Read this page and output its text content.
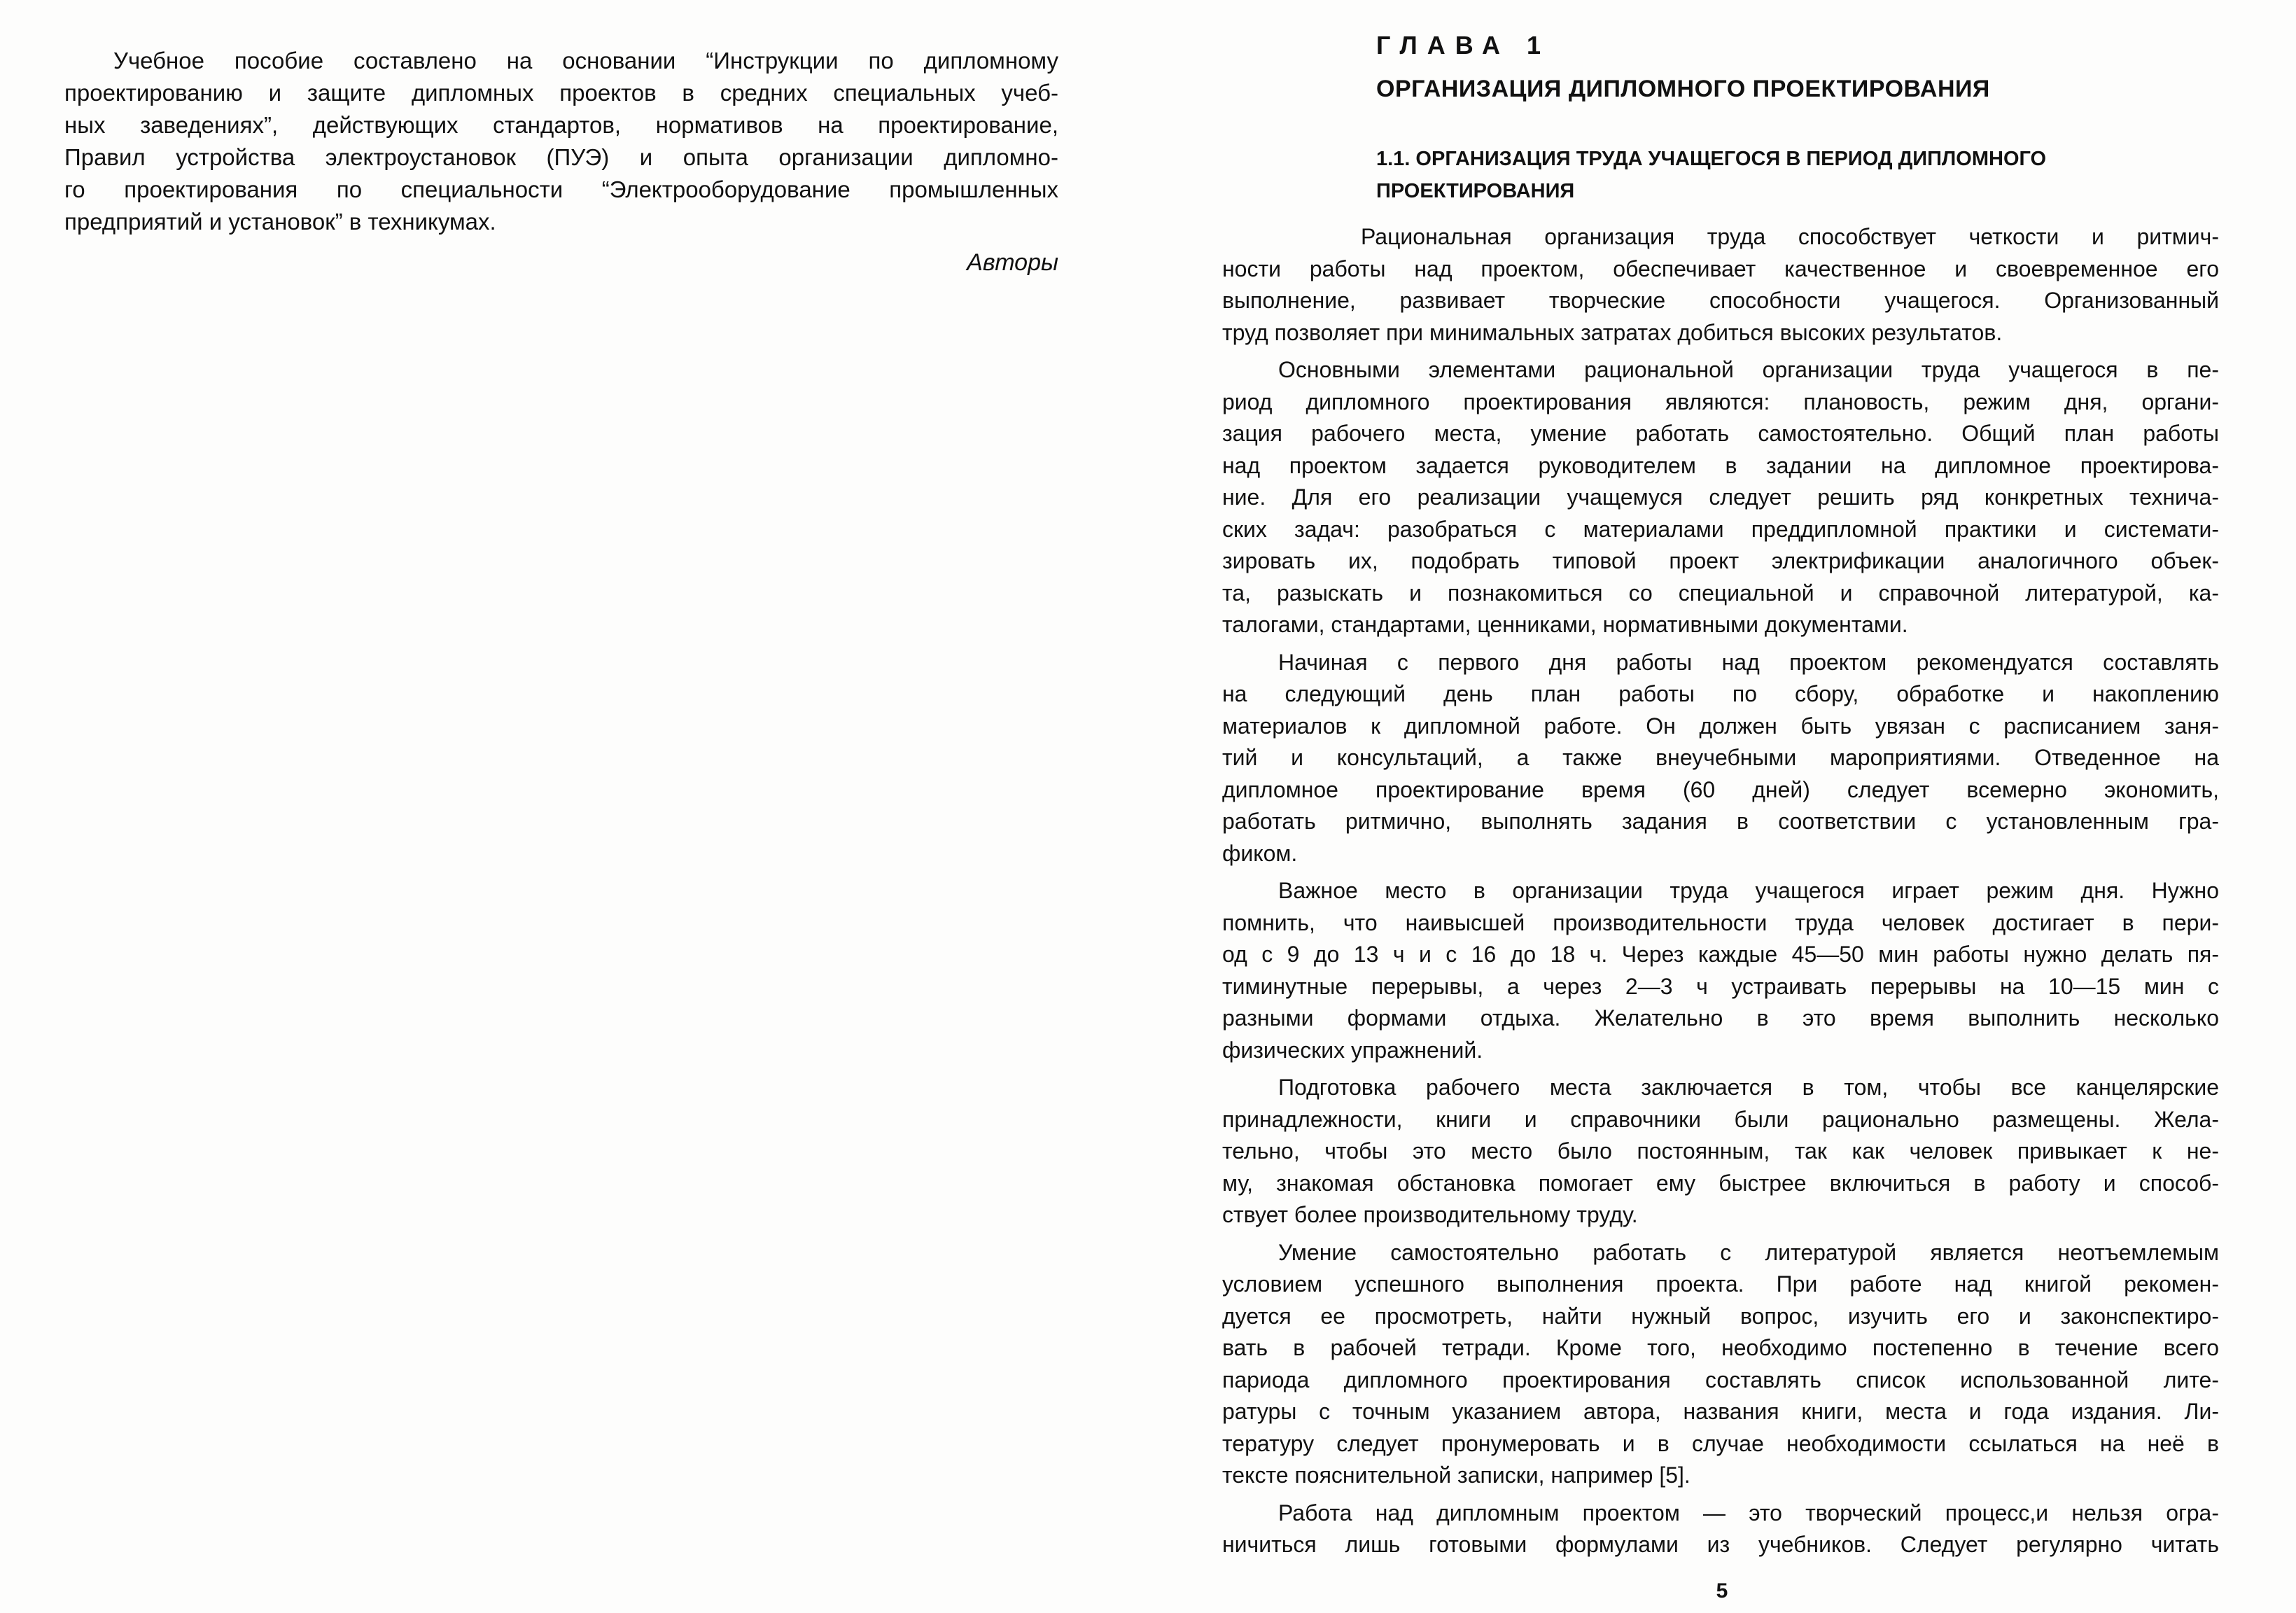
Учебное пособие составлено на основании “Инструкции по дипломному
проектированию и защите дипломных проектов в средних специальных учеб-
ных заведениях”, действующих стандартов, нормативов на проектирование,
Правил устройства электроустановок (ПУЭ) и опыта организации дипломно-
го проектирования по специальности “Электрооборудование промышленных
предприятий и установок” в техникумах.
Авторы
ГЛАВА 1
ОРГАНИЗАЦИЯ ДИПЛОМНОГО ПРОЕКТИРОВАНИЯ
1.1. ОРГАНИЗАЦИЯ ТРУДА УЧАЩЕГОСЯ В ПЕРИОД ДИПЛОМНОГО ПРОЕКТИРОВАНИЯ
Рациональная организация труда способствует четкости и ритмич-
ности работы над проектом, обеспечивает качественное и своевременное его
выполнение, развивает творческие способности учащегося. Организованный
труд позволяет при минимальных затратах добиться высоких результатов.
Основными элементами рациональной организации труда учащегося в пе-
риод дипломного проектирования являются: плановость, режим дня, органи-
зация рабочего места, умение работать самостоятельно. Общий план работы
над проектом задается руководителем в задании на дипломное проектирова-
ние. Для его реализации учащемуся следует решить ряд конкретных технича-
ских задач: разобраться с материалами преддипломной практики и системати-
зировать их, подобрать типовой проект электрификации аналогичного объек-
та, разыскать и познакомиться со специальной и справочной литературой, ка-
талогами, стандартами, ценниками, нормативными документами.
Начиная с первого дня работы над проектом рекомендуатся составлять
на следующий день план работы по сбору, обработке и накоплению
материалов к дипломной работе. Он должен быть увязан с расписанием заня-
тий и консультаций, а также внеучебными мароприятиями. Отведенное на
дипломное проектирование время (60 дней) следует всемерно экономить,
работать ритмично, выполнять задания в соответствии с установленным гра-
фиком.
Важное место в организации труда учащегося играет режим дня. Нужно
помнить, что наивысшей производительности труда человек достигает в пери-
од с 9 до 13 ч и с 16 до 18 ч. Через каждые 45—50 мин работы нужно делать пя-
тиминутные перерывы, а через 2—3 ч устраивать перерывы на 10—15 мин с
разными формами отдыха. Желательно в это время выполнить несколько
физических упражнений.
Подготовка рабочего места заключается в том, чтобы все канцелярские
принадлежности, книги и справочники были рационально размещены. Жела-
тельно, чтобы это место было постоянным, так как человек привыкает к не-
му, знакомая обстановка помогает ему быстрее включиться в работу и способ-
ствует более производительному труду.
Умение самостоятельно работать с литературой является неотъемлемым
условием успешного выполнения проекта. При работе над книгой рекомен-
дуется ее просмотреть, найти нужный вопрос, изучить его и законспектиро-
вать в рабочей тетради. Кроме того, необходимо постепенно в течение всего
париода дипломного проектирования составлять список использованной лите-
ратуры с точным указанием автора, названия книги, места и года издания. Ли-
тературу следует пронумеровать и в случае необходимости ссылаться на неё в
тексте пояснительной записки, например [5].
Работа над дипломным проектом — это творческий процесс,и нельзя огра-
ничиться лишь готовыми формулами из учебников. Следует регулярно читать
5
